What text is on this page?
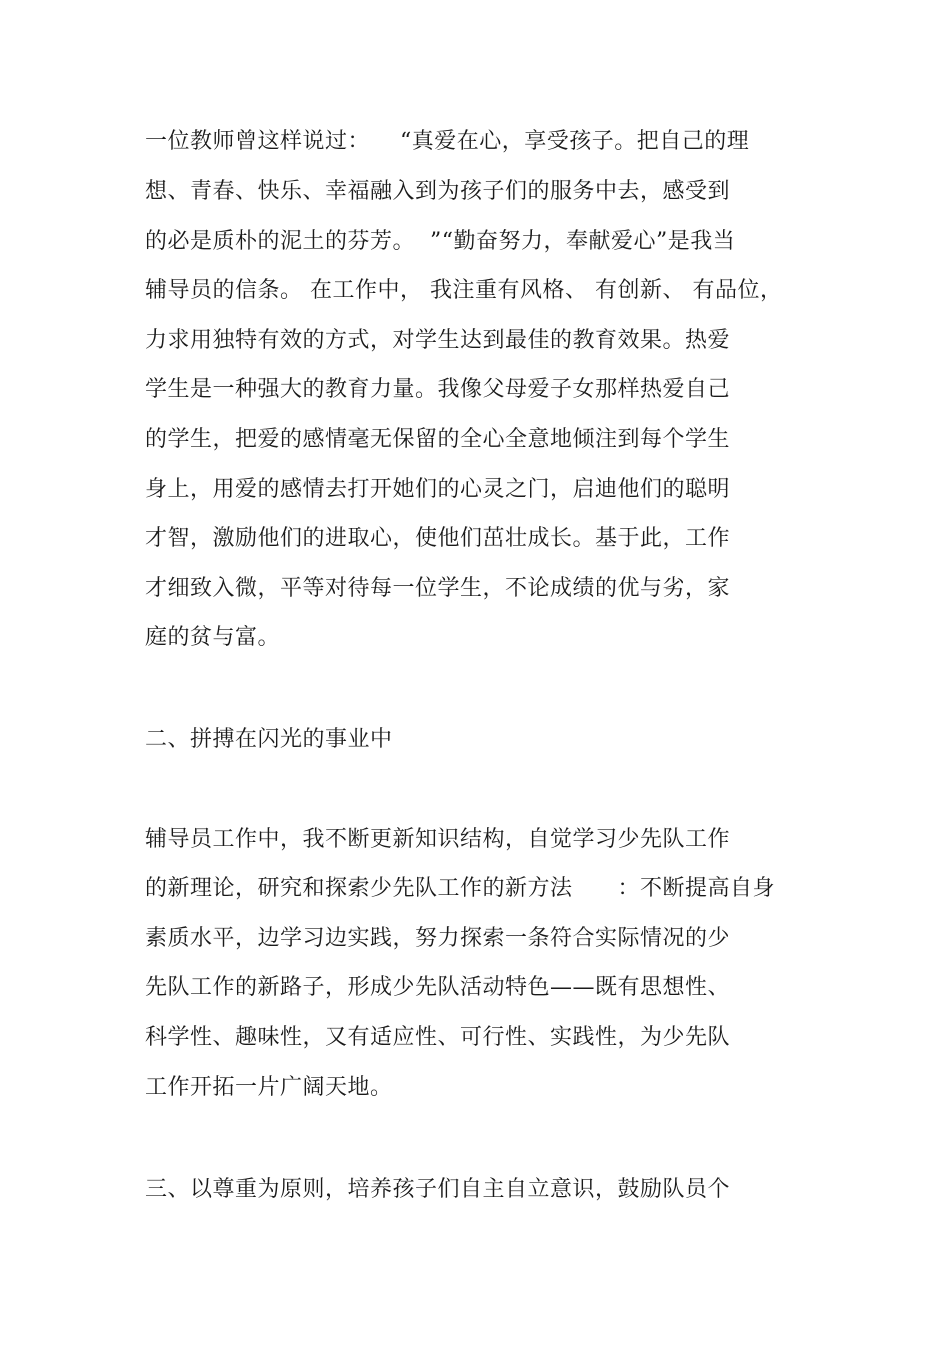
一位教师曾这样说过：    “真爱在心，享受孩子。把自己的理
想、青春、快乐、幸福融入到为孩子们的服务中去，感受到
的必是质朴的泥土的芬芳。  ”“勤奋努力，奉献爱心”是我当
辅导员的信条。 在工作中， 我注重有风格、 有创新、 有品位，
力求用独特有效的方式，对学生达到最佳的教育效果。热爱
学生是一种强大的教育力量。我像父母爱子女那样热爱自己
的学生，把爱的感情毫无保留的全心全意地倾注到每个学生
身上，用爱的感情去打开她们的心灵之门，启迪他们的聪明
才智，激励他们的进取心，使他们茁壮成长。基于此，工作
才细致入微，平等对待每一位学生，不论成绩的优与劣，家
庭的贫与富。
二、拼搏在闪光的事业中
辅导员工作中，我不断更新知识结构，自觉学习少先队工作
的新理论，研究和探索少先队工作的新方法      ：不断提高自身
素质水平，边学习边实践，努力探索一条符合实际情况的少
先队工作的新路子，形成少先队活动特色——既有思想性、
科学性、趣味性，又有适应性、可行性、实践性，为少先队
工作开拓一片广阔天地。
三、以尊重为原则，培养孩子们自主自立意识，鼓励队员个
